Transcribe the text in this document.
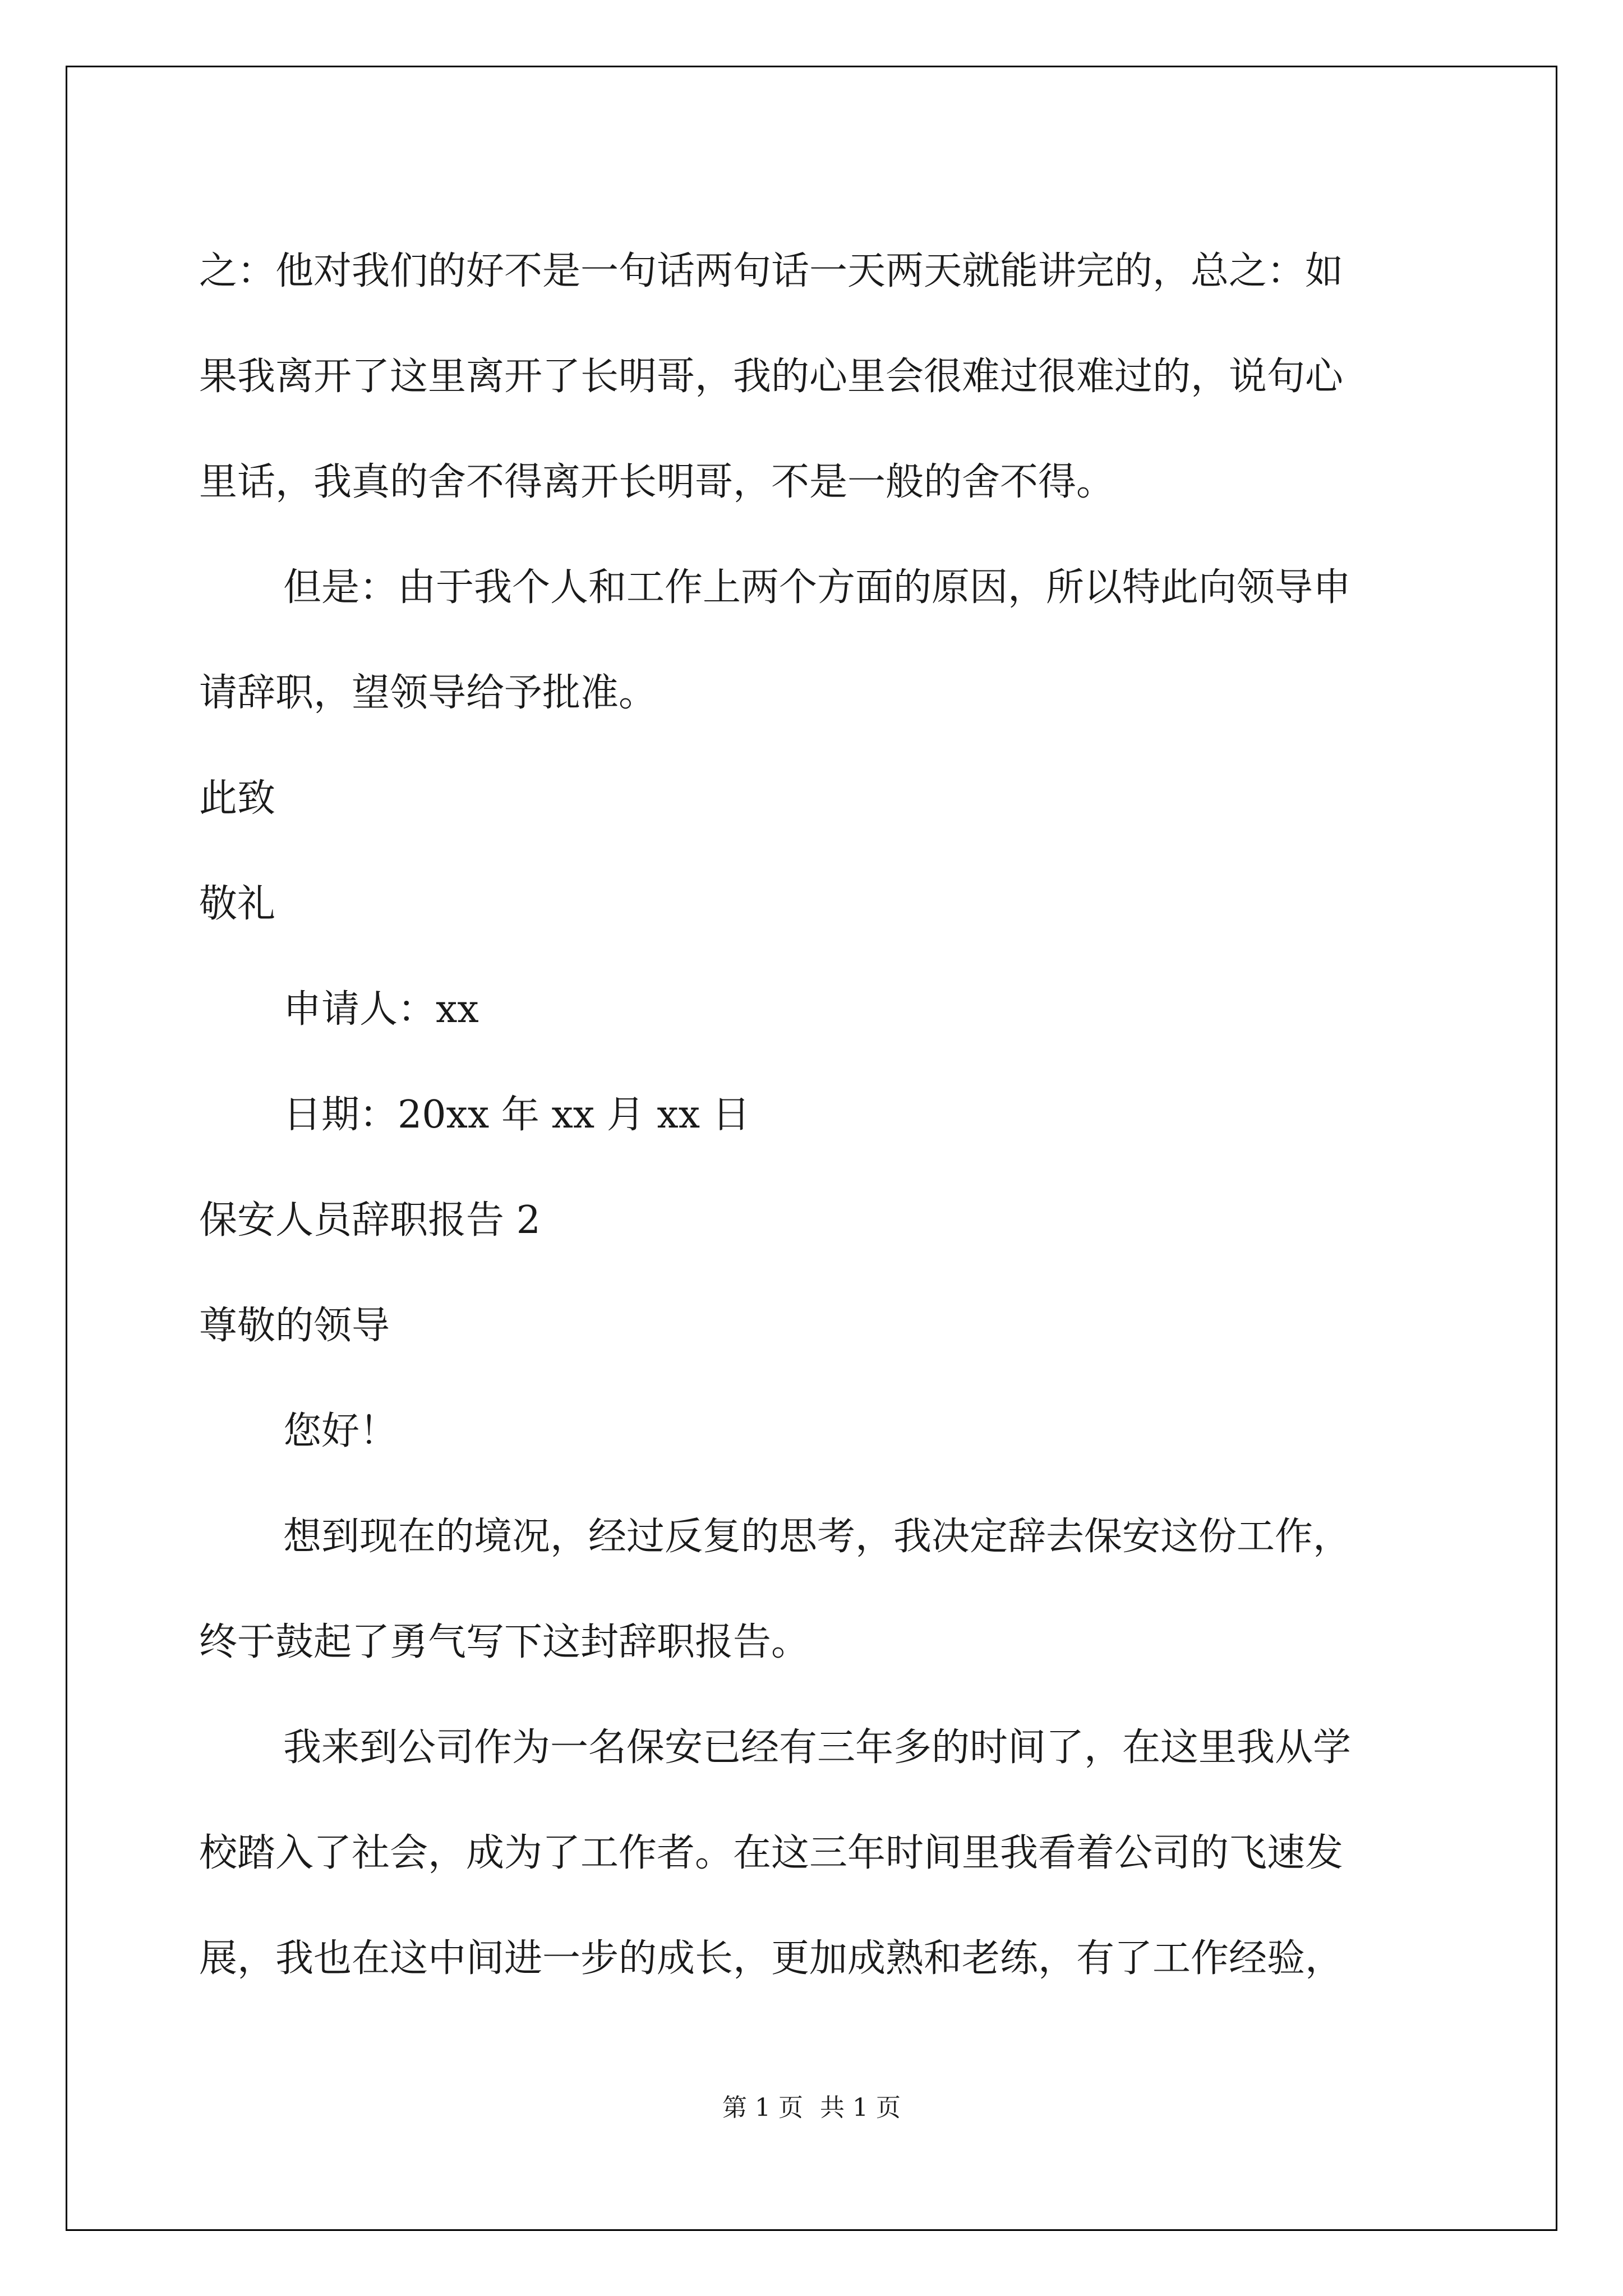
之：他对我们的好不是一句话两句话一天两天就能讲完的，总之：如

果我离开了这里离开了长明哥，我的心里会很难过很难过的，说句心

里话，我真的舍不得离开长明哥，不是一般的舍不得。

但是：由于我个人和工作上两个方面的原因，所以特此向领导申

请辞职，望领导给予批准。

此致

敬礼

申请人：xx

日期：20xx 年 xx 月 xx 日

保安人员辞职报告 2

尊敬的领导

您好！

想到现在的境况，经过反复的思考，我决定辞去保安这份工作，

终于鼓起了勇气写下这封辞职报告。

我来到公司作为一名保安已经有三年多的时间了，在这里我从学

校踏入了社会，成为了工作者。在这三年时间里我看着公司的飞速发

展，我也在这中间进一步的成长，更加成熟和老练，有了工作经验，

第 1 页 共 1 页
